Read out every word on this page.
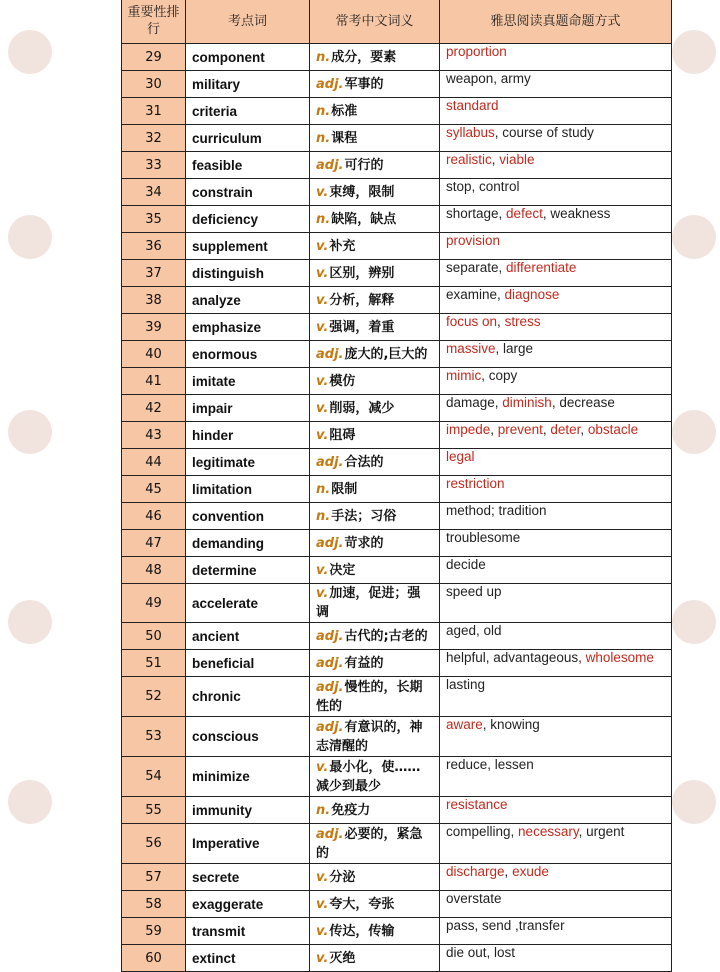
重要性排行	考点词	常考中文词义	雅思阅读真题命题方式
29	component	n.成分，要素	proportion
30	military	adj.军事的	weapon, army
31	criteria	n.标准	standard
32	curriculum	n.课程	syllabus, course of study
33	feasible	adj.可行的	realistic, viable
34	constrain	v.束缚，限制	stop, control
35	deficiency	n.缺陷，缺点	shortage, defect, weakness
36	supplement	v.补充	provision
37	distinguish	v.区别，辨别	separate, differentiate
38	analyze	v.分析，解释	examine, diagnose
39	emphasize	v.强调，着重	focus on, stress
40	enormous	adj.庞大的,巨大的	massive, large
41	imitate	v.模仿	mimic, copy
42	impair	v.削弱，减少	damage, diminish, decrease
43	hinder	v.阻碍	impede, prevent, deter, obstacle
44	legitimate	adj.合法的	legal
45	limitation	n.限制	restriction
46	convention	n.手法；习俗	method; tradition
47	demanding	adj.苛求的	troublesome
48	determine	v.决定	decide
49	accelerate	v.加速，促进；强调	speed up
50	ancient	adj.古代的;古老的	aged, old
51	beneficial	adj.有益的	helpful, advantageous, wholesome
52	chronic	adj.慢性的，长期性的	lasting
53	conscious	adj.有意识的，神志清醒的	aware, knowing
54	minimize	v.最小化，使……减少到最少	reduce, lessen
55	immunity	n.免疫力	resistance
56	Imperative	adj.必要的，紧急的	compelling, necessary, urgent
57	secrete	v.分泌	discharge, exude
58	exaggerate	v.夸大，夸张	overstate
59	transmit	v.传达，传输	pass, send ,transfer
60	extinct	v.灭绝	die out, lost
